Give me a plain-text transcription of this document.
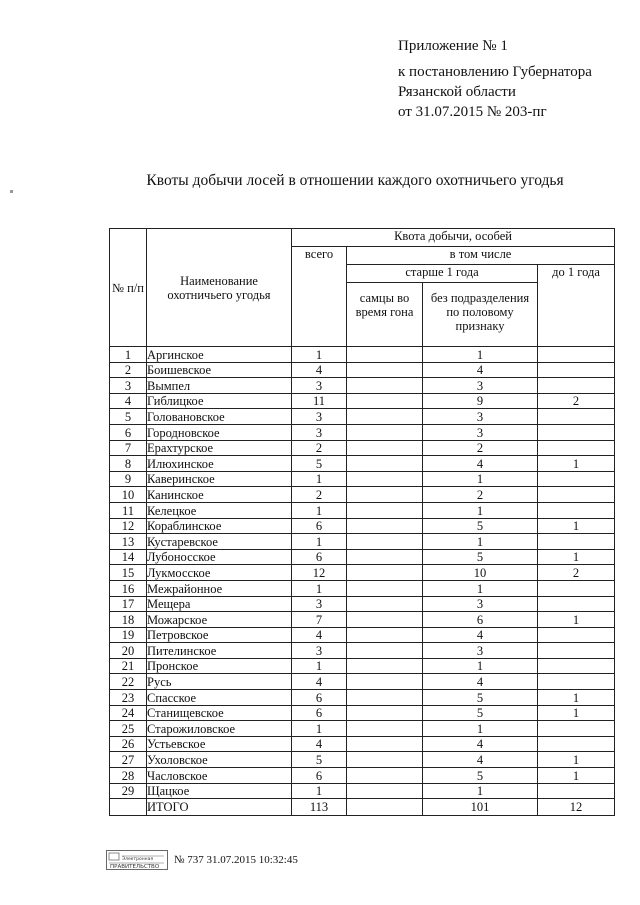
Приложение № 1
к постановлению Губернатора
Рязанской области
от 31.07.2015 № 203-пг
Квоты добычи лосей в отношении каждого охотничьего угодья
№ п/п	Наименование охотничьего угодья	Квота добычи, особей			
		всего	в том числе		
			старше 1 года		до 1 года
			самцы во время гона	без подразделения по половому признаку	
1	Аргинское	1		1	
2	Боишевское	4		4	
3	Вымпел	3		3	
4	Гиблицкое	11		9	2
5	Головановское	3		3	
6	Городновское	3		3	
7	Ерахтурское	2		2	
8	Илюхинское	5		4	1
9	Каверинское	1		1	
10	Канинское	2		2	
11	Келецкое	1		1	
12	Кораблинское	6		5	1
13	Кустаревское	1		1	
14	Лубоносское	6		5	1
15	Лукмосское	12		10	2
16	Межрайонное	1		1	
17	Мещера	3		3	
18	Можарское	7		6	1
19	Петровское	4		4	
20	Пителинское	3		3	
21	Пронское	1		1	
22	Русь	4		4	
23	Спасское	6		5	1
24	Станищевское	6		5	1
25	Старожиловское	1		1	
26	Устьевское	4		4	
27	Ухоловское	5		4	1
28	Часловское	6		5	1
29	Щацкое	1		1	
	ИТОГО	113		101	12
Электронная
ПРАВИТЕЛЬСТВО
№ 737 31.07.2015 10:32:45
